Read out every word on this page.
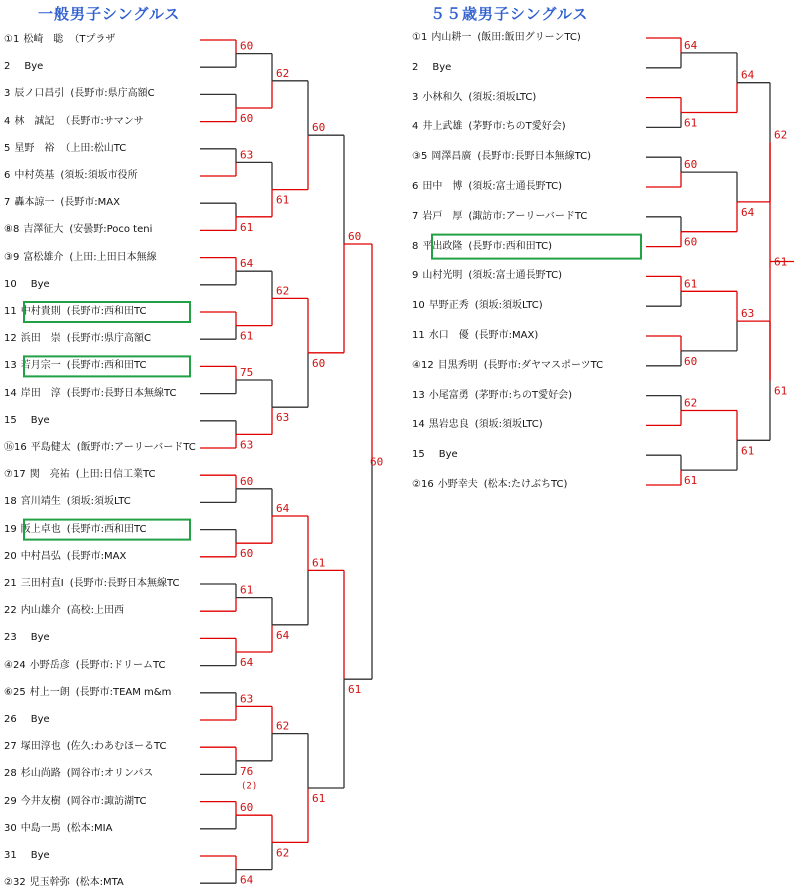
一般男子シングルス	５５歳男子シングルス
①1 松崎　聡 （Tプラザ
2 Bye
3 辰ノ口昌引 (長野市:県庁高額C
4 林　誠記 （長野市:サマンサ
5 星野　裕 （上田:松山TC
6 中村英基 (須坂:須坂市役所
7 轟本諒一 (長野市:MAX
⑧8 吉澤征大 (安曇野:Poco teni
③9 富松雄介 (上田:上田日本無線
10 Bye
11 中村貴則 (長野市:西和田TC
12 浜田　崇 (長野市:県庁高額C
13 若月宗一 (長野市:西和田TC
14 岸田　淳 (長野市:長野日本無線TC
15 Bye
⑯16 平島健太 (飯野市:アーリーバードTC
⑦17 関　亮祐 (上田:日信工業TC
18 宮川靖生 (須坂:須坂LTC
19 阪上卓也 (長野市:西和田TC
20 中村昌弘 (長野市:MAX
21 三田村直I (長野市:長野日本無線TC
22 内山雄介 (高校:上田西
23 Bye
④24 小野岳彦 (長野市:ドリームTC
⑥25 村上一朗 (長野市:TEAM m&m
26 Bye
27 塚田淳也 (佐久:わあむほーるTC
28 杉山尚路 (岡谷市:オリンパス
29 今井友樹 (岡谷市:諏訪湖TC
30 中島一馬 (松本:MIA
31 Bye
②32 児玉幹弥 (松本:MTA
①1 内山耕一 (飯田:飯田グリーンTC)
2 Bye
3 小林和久 (須坂:須坂LTC)
4 井上武雄 (茅野市:ちのT愛好会)
③5 岡澤昌廣 (長野市:長野日本無線TC)
6 田中　博 (須坂:富士通長野TC)
7 岩戸　厚 (諏訪市:アーリーバードTC
8 平出政隆 (長野市:西和田TC)
9 山村光明 (須坂:富士通長野TC)
10 早野正秀 (須坂:須坂LTC)
11 水口　優 (長野市:MAX)
④12 目黒秀明 (長野市:ダヤマスポーツTC
13 小尾富勇 (茅野市:ちのT愛好会)
14 黒岩忠良 (須坂:須坂LTC)
15 Bye
②16 小野幸夫 (松本:たけぶちTC)
60
60
63
61
64
61
75
63
60
60
61
64
63
76
60
64
(2)
62
61
62
63
64
64
62
62
60
60
61
61
60
61
60
64
61
60
60
61
60
62
61
64
64
63
61
62
61
61
